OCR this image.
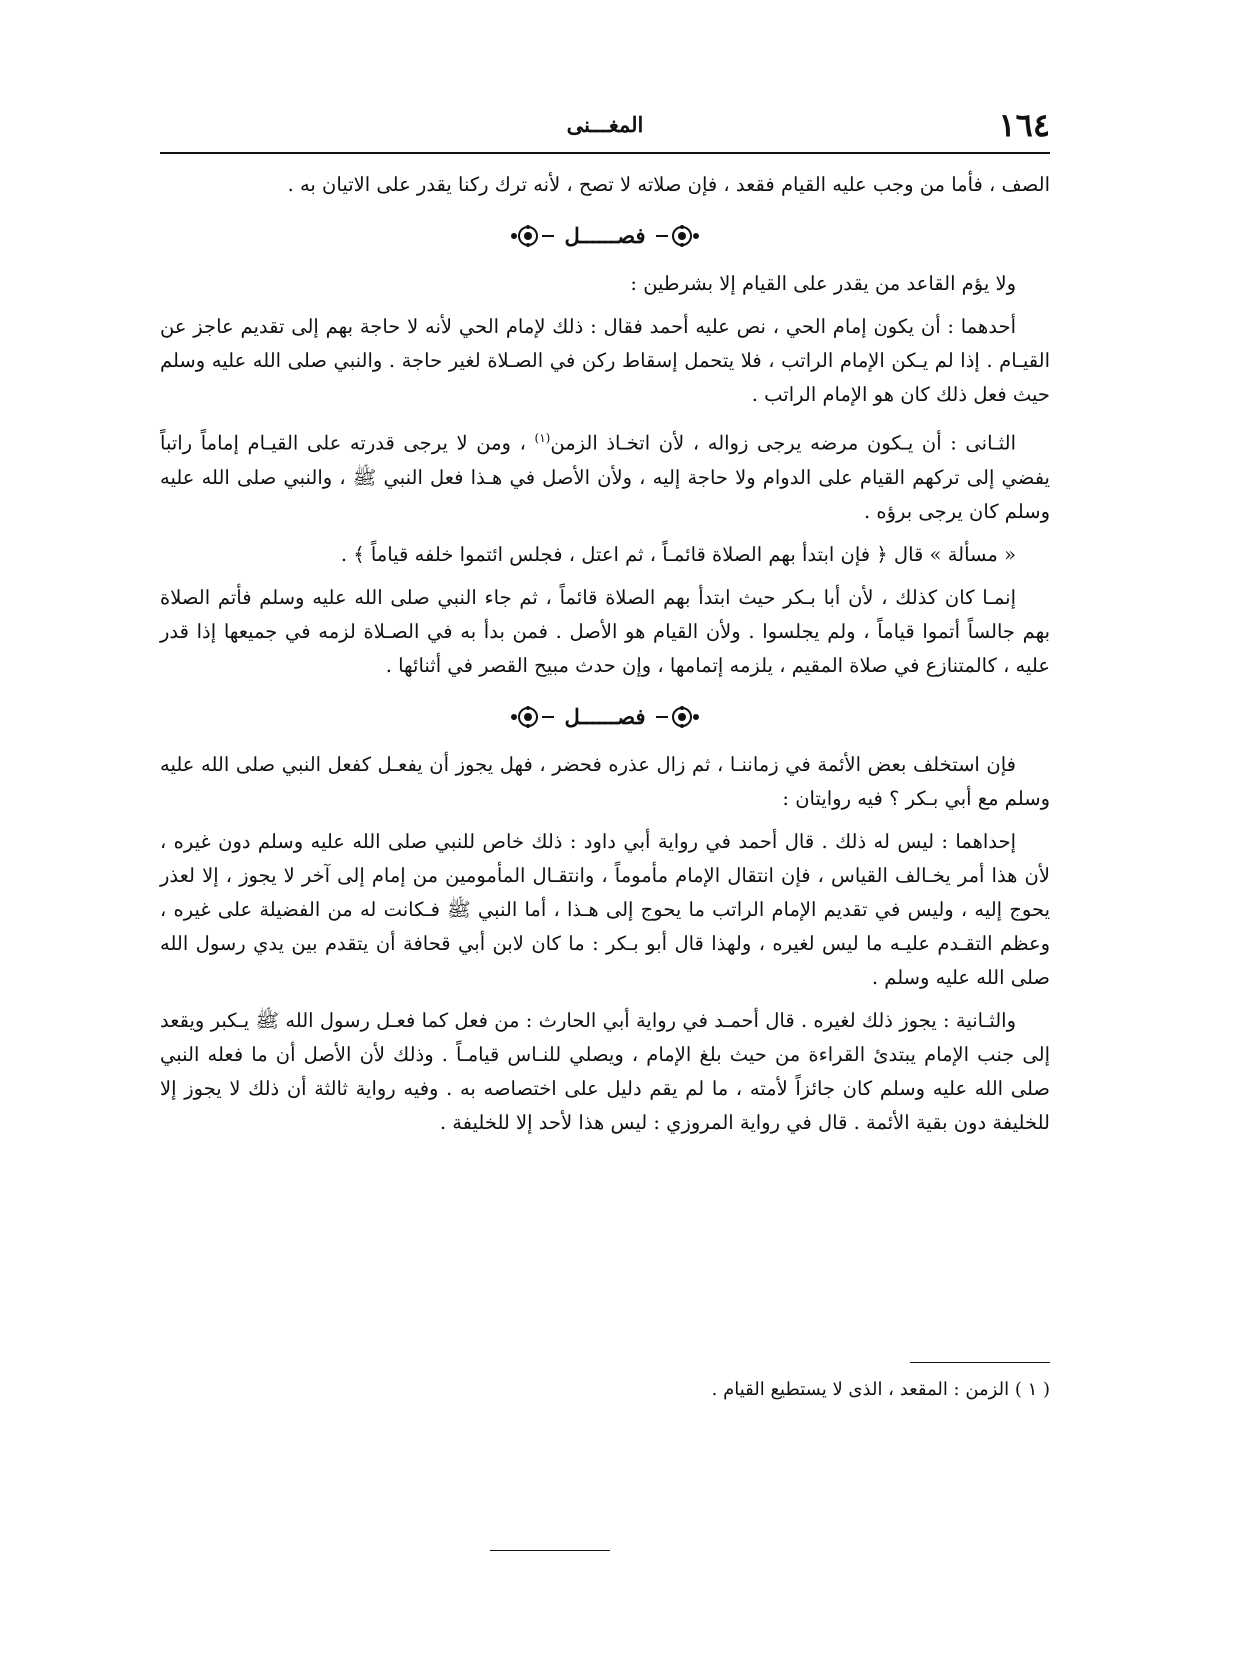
١٦٤
المغـــنى

الصف ، فأما من وجب عليه القيام فقعد ، فإن صلاته لا تصح ، لأنه ترك ركنا يقدر على الاتيان به .

فصــــــل

ولا يؤم القاعد من يقدر على القيام إلا بشرطين :

أحدهما : أن يكون إمام الحي ، نص عليه أحمد فقال : ذلك لإمام الحي لأنه لا حاجة بهم إلى تقديم عاجز عن القيـام . إذا لم يـكن الإمام الراتب ، فلا يتحمل إسقاط ركن في الصـلاة لغير حاجة . والنبي صلى الله عليه وسلم حيث فعل ذلك كان هو الإمام الراتب .

الثـانى : أن يـكون مرضه يرجى زواله ، لأن اتخـاذ الزمن$^{(١)}$ ، ومن لا يرجى قدرته على القيـام إماماً راتباً يفضي إلى تركهم القيام على الدوام ولا حاجة إليه ، ولأن الأصل في هـذا فعل النبي ﷺ ، والنبي صلى الله عليه وسلم كان يرجى برؤه .

« مسألة » قال ﴿ فإن ابتدأ بهم الصلاة قائمـاً ، ثم اعتل ، فجلس ائتموا خلفه قياماً ﴾ .

إنمـا كان كذلك ، لأن أبا بـكر حيث ابتدأ بهم الصلاة قائماً ، ثم جاء النبي صلى الله عليه وسلم فأتم الصلاة بهم جالساً أتموا قياماً ، ولم يجلسوا . ولأن القيام هو الأصل . فمن بدأ به في الصـلاة لزمه في جميعها إذا قدر عليه ، كالمتنازع في صلاة المقيم ، يلزمه إتمامها ، وإن حدث مبيح القصر في أثنائها .

فصــــــل

فإن استخلف بعض الأئمة في زماننـا ، ثم زال عذره فحضر ، فهل يجوز أن يفعـل كفعل النبي صلى الله عليه وسلم مع أبي بـكر ؟ فيه روايتان :

إحداهما : ليس له ذلك . قال أحمد في رواية أبي داود : ذلك خاص للنبي صلى الله عليه وسلم دون غيره ، لأن هذا أمر يخـالف القياس ، فإن انتقال الإمام مأموماً ، وانتقـال المأمومين من إمام إلى آخر لا يجوز ، إلا لعذر يحوج إليه ، وليس في تقديم الإمام الراتب ما يحوج إلى هـذا ، أما النبي ﷺ فـكانت له من الفضيلة على غيره ، وعظم التقـدم عليـه ما ليس لغيره ، ولهذا قال أبو بـكر : ما كان لابن أبي قحافة أن يتقدم بين يدي رسول الله صلى الله عليه وسلم .

والثـانية : يجوز ذلك لغيره . قال أحمـد في رواية أبي الحارث : من فعل كما فعـل رسول الله ﷺ يـكبر ويقعد إلى جنب الإمام يبتدئ القراءة من حيث بلغ الإمام ، ويصلي للنـاس قيامـاً . وذلك لأن الأصل أن ما فعله النبي صلى الله عليه وسلم كان جائزاً لأمته ، ما لم يقم دليل على اختصاصه به . وفيه رواية ثالثة أن ذلك لا يجوز إلا للخليفة دون بقية الأئمة . قال في رواية المروزي : ليس هذا لأحد إلا للخليفة .

( ١ ) الزمن : المقعد ، الذى لا يستطيع القيام .
